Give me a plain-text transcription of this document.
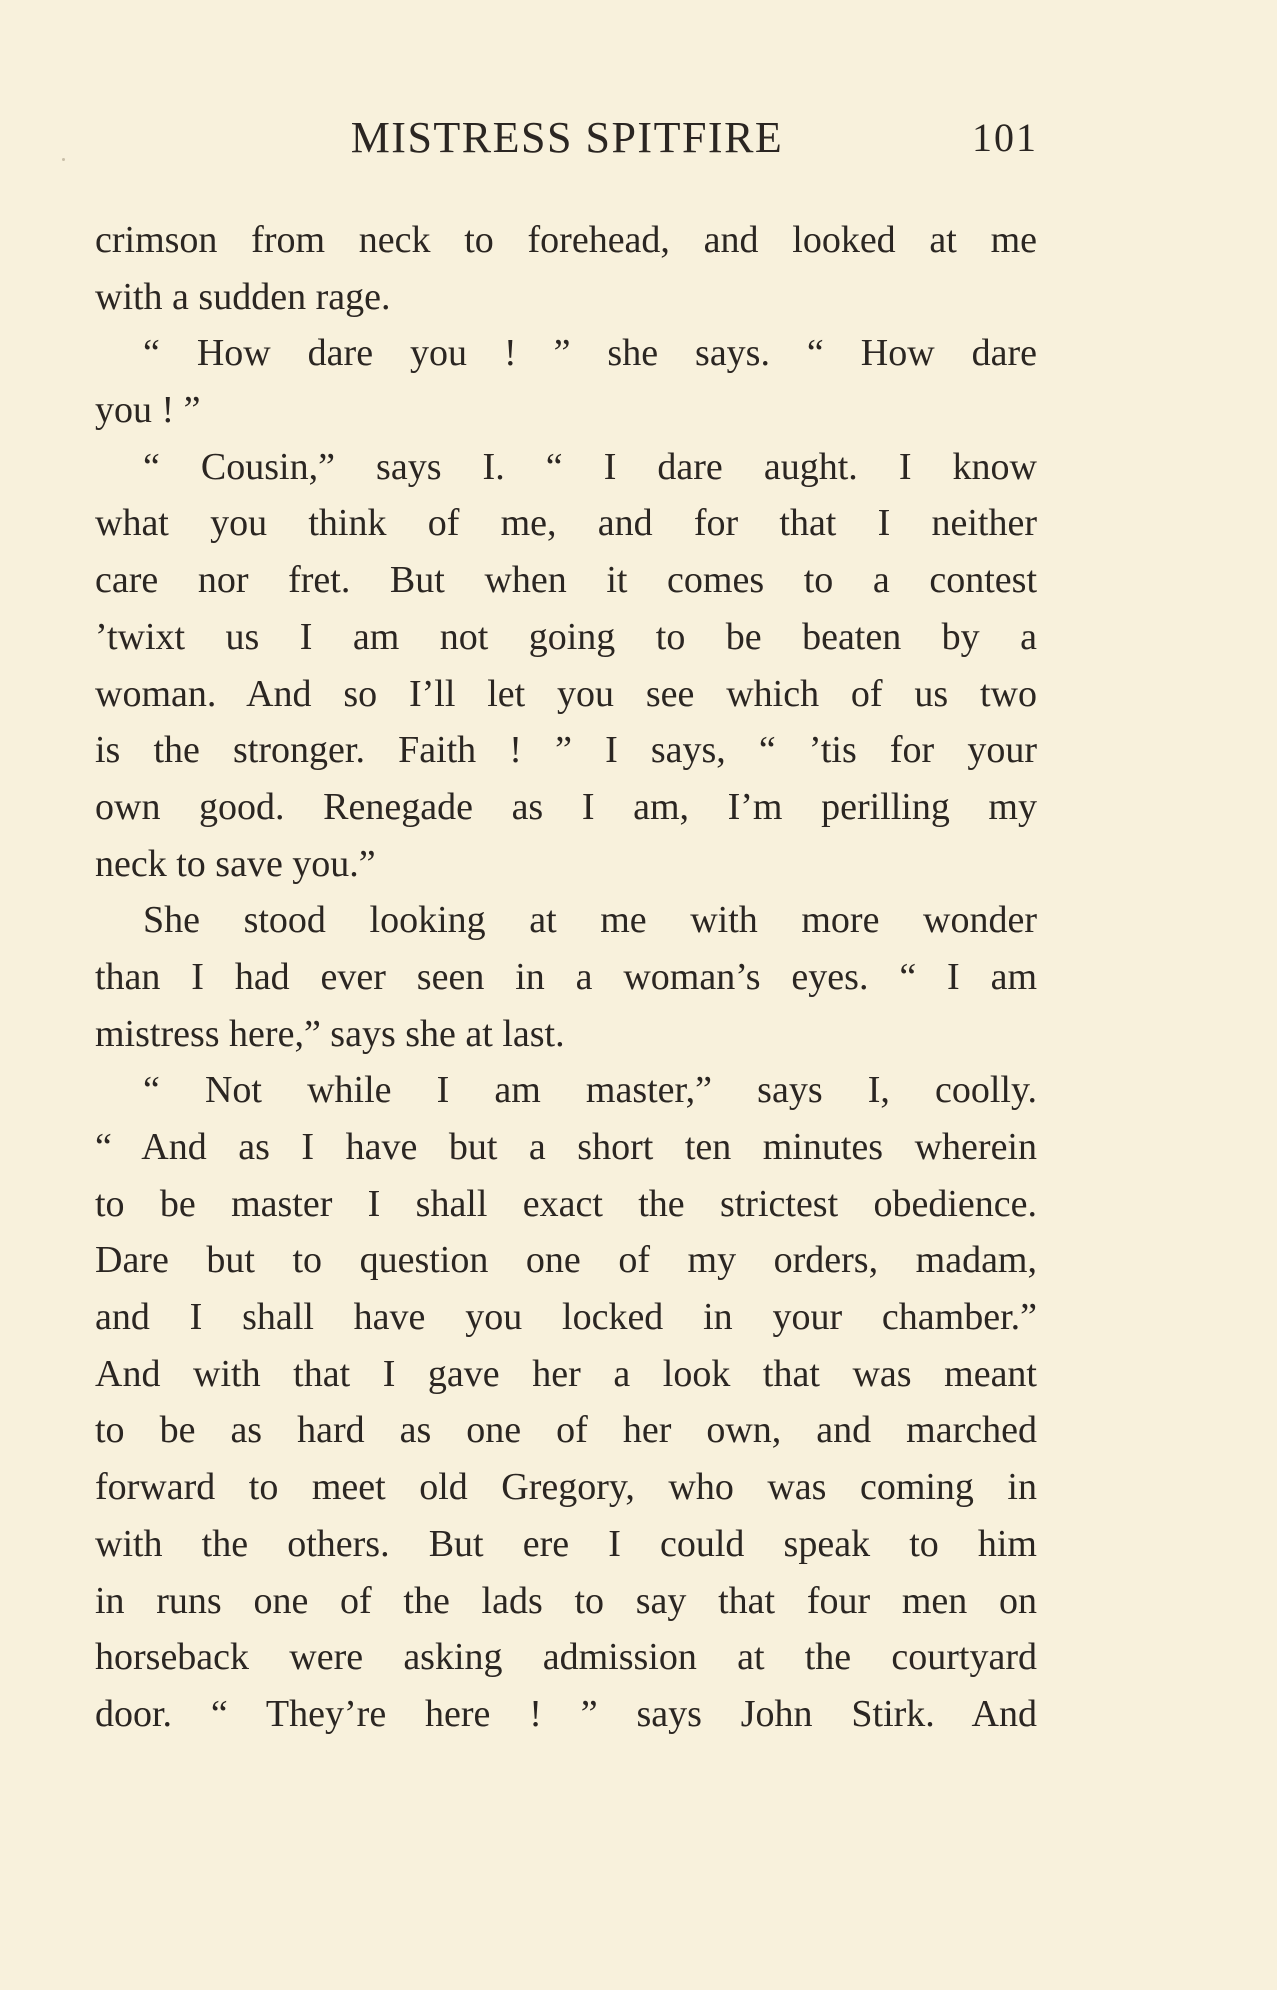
MISTRESS SPITFIRE	101
crimson from neck to forehead, and looked at me
with a sudden rage.
“ How dare you ! ” she says. “ How dare
you ! ”
“ Cousin,” says I. “ I dare aught. I know
what you think of me, and for that I neither
care nor fret. But when it comes to a contest
’twixt us I am not going to be beaten by a
woman. And so I’ll let you see which of us two
is the stronger. Faith ! ” I says, “ ’tis for your
own good. Renegade as I am, I’m perilling my
neck to save you.”
She stood looking at me with more wonder
than I had ever seen in a woman’s eyes. “ I am
mistress here,” says she at last.
“ Not while I am master,” says I, coolly.
“ And as I have but a short ten minutes wherein
to be master I shall exact the strictest obedience.
Dare but to question one of my orders, madam,
and I shall have you locked in your chamber.”
And with that I gave her a look that was meant
to be as hard as one of her own, and marched
forward to meet old Gregory, who was coming in
with the others. But ere I could speak to him
in runs one of the lads to say that four men on
horseback were asking admission at the courtyard
door. “ They’re here ! ” says John Stirk. And
